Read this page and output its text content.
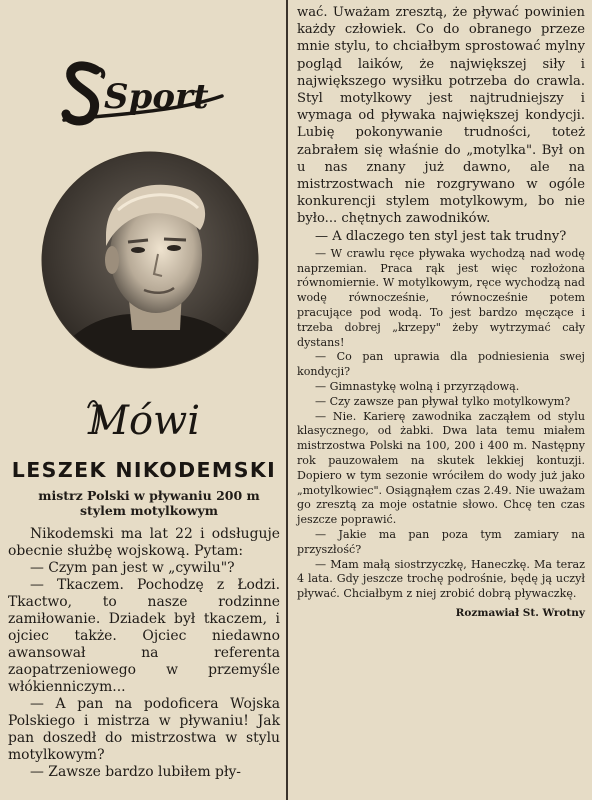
Sport
Mówi
LESZEK NIKODEMSKI
mistrz Polski w pływaniu 200 m stylem motylkowym

Nikodemski ma lat 22 i odsługuje obecnie służbę wojskową. Pytam:

— Czym pan jest w „cywilu"?

— Tkaczem. Pochodzę z Łodzi. Tkactwo, to nasze rodzinne zamiłowanie. Dziadek był tkaczem, i ojciec także. Ojciec niedawno awansował na referenta zaopatrzeniowego w przemyśle włókienniczym...

— A pan na podoficera Wojska Polskiego i mistrza w pływaniu! Jak pan doszedł do mistrzostwa w stylu motylkowym?

— Zawsze bardzo lubiłem pły-

wać. Uważam zresztą, że pływać powinien każdy człowiek. Co do obranego przeze mnie stylu, to chciałbym sprostować mylny pogląd laików, że największej siły i największego wysiłku potrzeba do crawla. Styl motylkowy jest najtrudniejszy i wymaga od pływaka największej kondycji. Lubię pokonywanie trudności, toteż zabrałem się właśnie do „motylka". Był on u nas znany już dawno, ale na mistrzostwach nie rozgrywano w ogóle konkurencji stylem motylkowym, bo nie było... chętnych zawodników.

— A dlaczego ten styl jest tak trudny?

— W crawlu ręce pływaka wychodzą nad wodę naprzemian. Praca rąk jest więc rozłożona równomiernie. W motylkowym, ręce wychodzą nad wodę równocześnie, równocześnie potem pracujące pod wodą. To jest bardzo męczące i trzeba dobrej „krzepy" żeby wytrzymać cały dystans!

— Co pan uprawia dla podniesienia swej kondycji?

— Gimnastykę wolną i przyrządową.

— Czy zawsze pan pływał tylko motylkowym?

— Nie. Karierę zawodnika zacząłem od stylu klasycznego, od żabki. Dwa lata temu miałem mistrzostwa Polski na 100, 200 i 400 m. Następny rok pauzowałem na skutek lekkiej kontuzji. Dopiero w tym sezonie wróciłem do wody już jako „motylkowiec". Osiągnąłem czas 2.49. Nie uważam go zresztą za moje ostatnie słowo. Chcę ten czas jeszcze poprawić.

— Jakie ma pan poza tym zamiary na przyszłość?

— Mam małą siostrzyczkę, Haneczkę. Ma teraz 4 lata. Gdy jeszcze trochę podrośnie, będę ją uczył pływać. Chciałbym z niej zrobić dobrą pływaczkę.

Rozmawiał St. Wrotny
